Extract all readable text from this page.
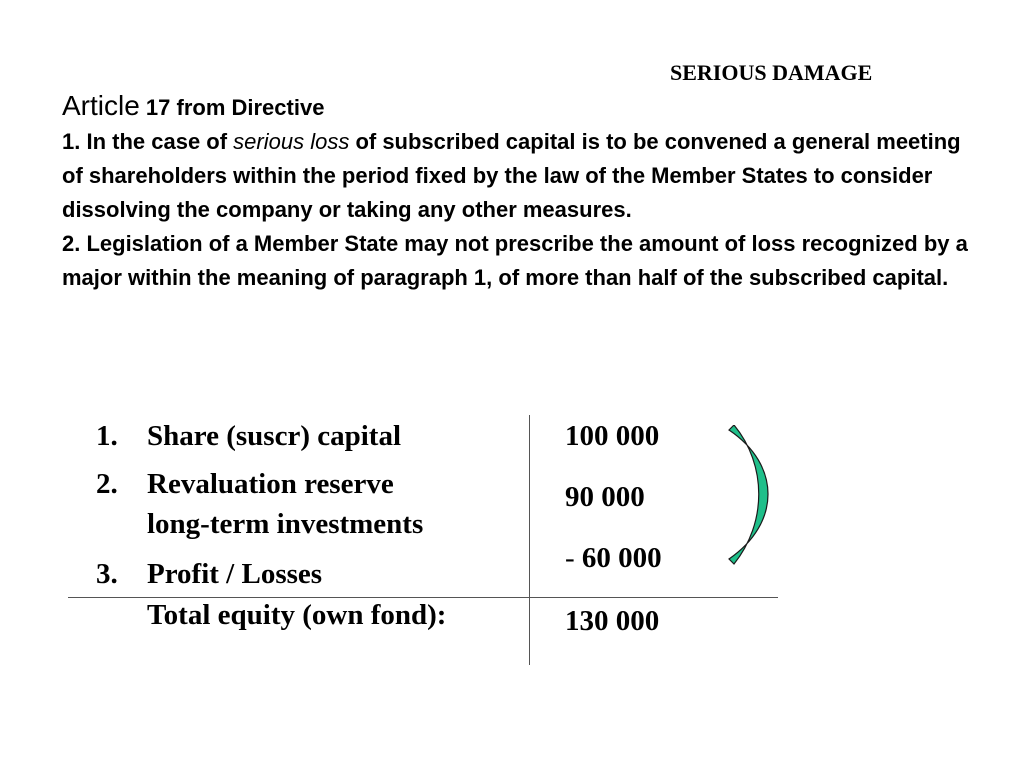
SERIOUS DAMAGE
Article 17 from Directive

1. In the case of serious loss of subscribed capital is to be convened a general meeting of shareholders within the period fixed by the law of the Member States to consider dissolving the company or taking any other measures.

2. Legislation of a Member State may not prescribe the amount of loss recognized by a major within the meaning of paragraph 1, of more than half of the subscribed capital.

1. Share (suscr) capital
2. Revaluation reserve
long-term investments
3. Profit / Losses
Total equity (own fond):
100 000
90 000
- 60 000
130 000
